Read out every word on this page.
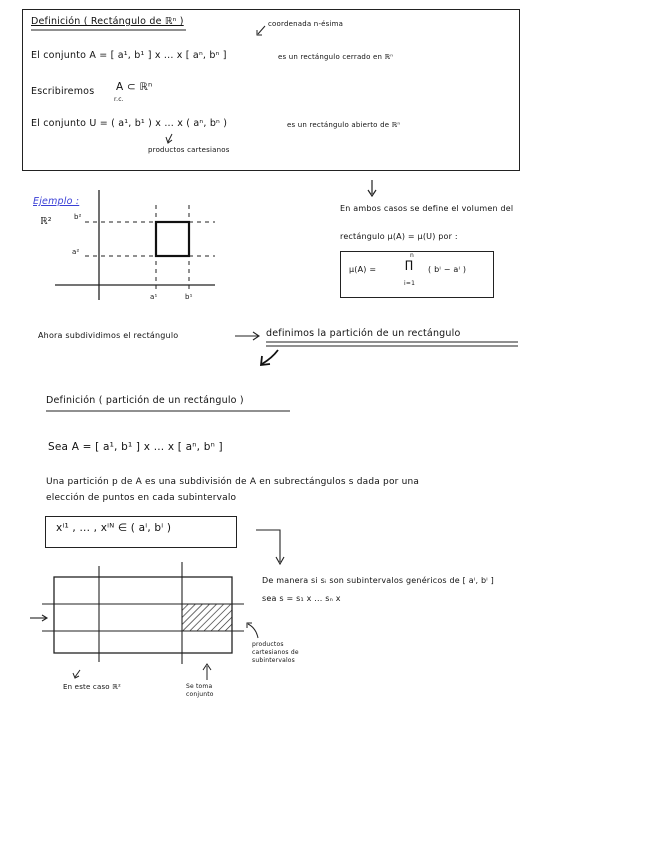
Definición ( Rectángulo de ℝⁿ )	coordenada n-ésima
El conjunto A = [ a¹, b¹ ] x ... x [ aⁿ, bⁿ ]	es un rectángulo cerrado en ℝⁿ
Escribiremos A ⊂ ℝⁿ
r.c.
El conjunto U = ( a¹, b¹ ) x ... x ( aⁿ, bⁿ )	es un rectángulo abierto de ℝⁿ
productos cartesianos
Ejemplo :
ℝ²	b²
a²
a¹	b¹
En ambos casos se define el volumen del
rectángulo μ(A) = μ(U) por :
μ(A) =
n
∏
i=1
( bⁱ − aⁱ )
Ahora subdividimos el rectángulo	definimos la partición de un rectángulo
Definición ( partición de un rectángulo )
Sea A = [ a¹, b¹ ] x ... x [ aⁿ, bⁿ ]
Una partición p de A es una subdivisión de A en subrectángulos s dada por una
elección de puntos en cada subintervalo
xⁱ¹ , ... , xⁱᴺ ∈ ( aⁱ, bⁱ )
De manera si sᵢ son subintervalos genéricos de [ aⁱ, bⁱ ]
sea s = s₁ x ... sₙ x
productos cartesianos de subintervalos
En este caso ℝ²	Se toma conjunto
